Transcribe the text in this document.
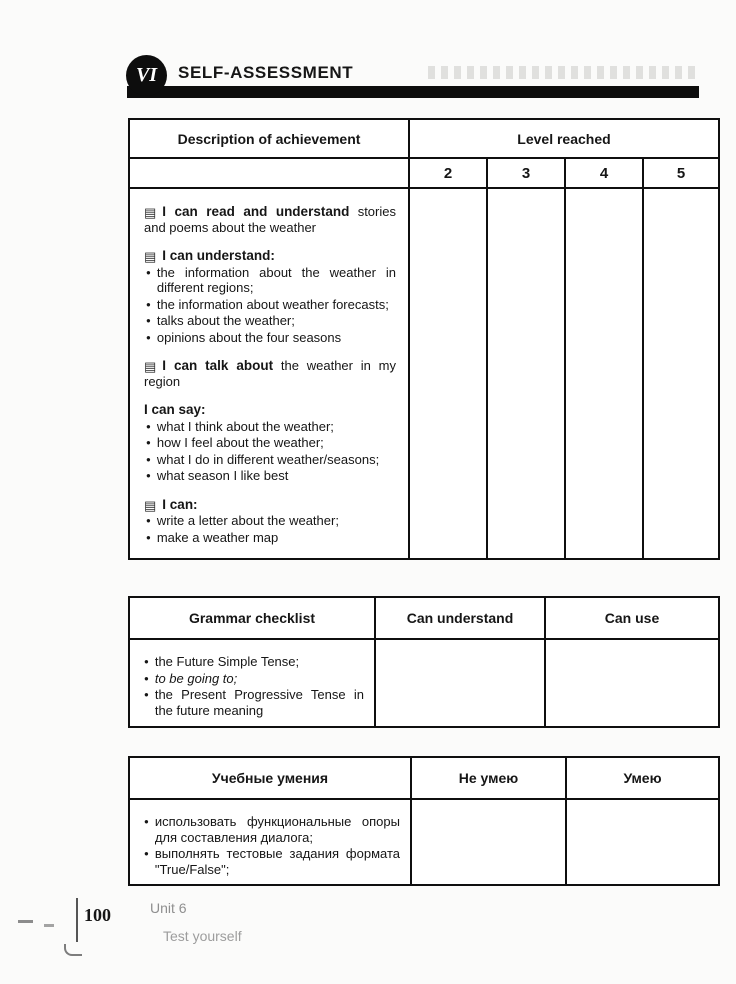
VI SELF-ASSESSMENT
Description of achievement	Level reached
2	3	4	5
▤ I can read and understand stories and poems about the weather
▤ I can understand:
● the information about the weather in different regions;
● the information about weather forecasts;
● talks about the weather;
● opinions about the four seasons
▤ I can talk about the weather in my region
I can say:
● what I think about the weather;
● how I feel about the weather;
● what I do in different weather/seasons;
● what season I like best
▤ I can:
● write a letter about the weather;
● make a weather map
Grammar checklist	Can understand	Can use
● the Future Simple Tense;
● to be going to;
● the Present Progressive Tense in the future meaning
Учебные умения	Не умею	Умею
● использовать функциональные опоры для составления диалога;
● выполнять тестовые задания формата "True/False";
100	Unit 6
Test yourself
